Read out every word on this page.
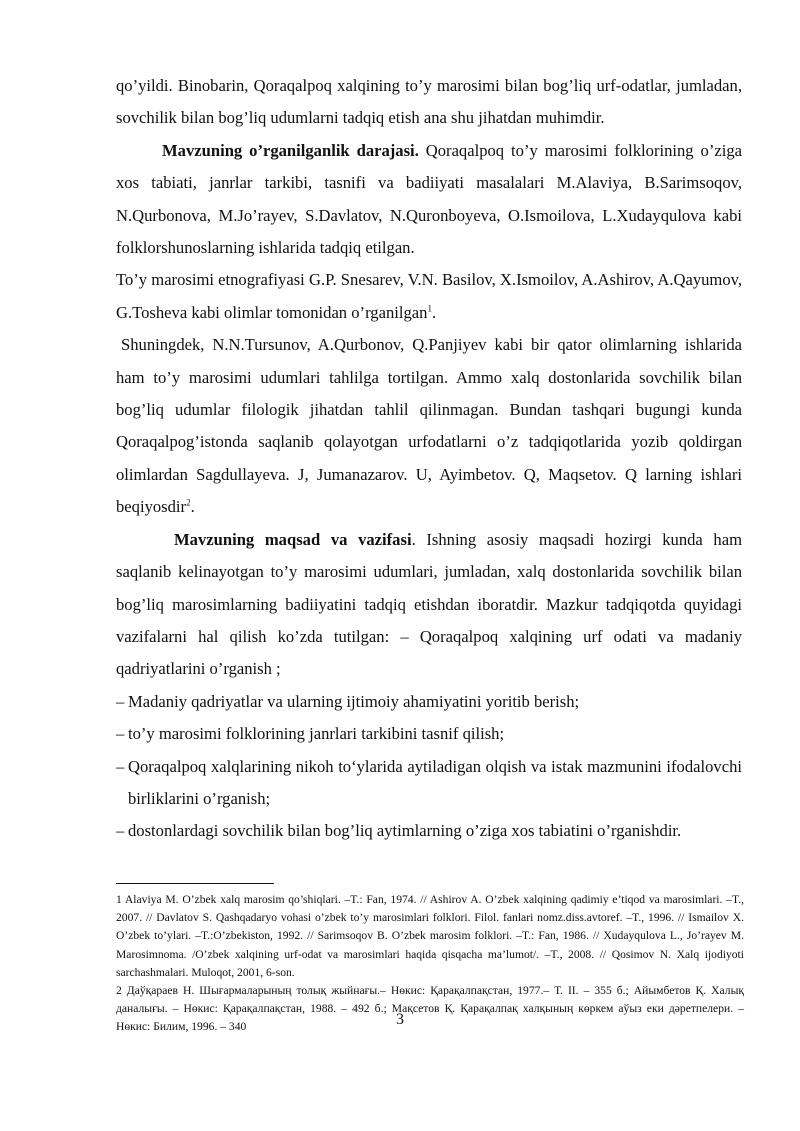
qo’yildi. Binobarin, Qoraqalpoq xalqining to’y marosimi bilan bog’liq urf-odatlar, jumladan, sovchilik bilan bog’liq udumlarni tadqiq etish ana shu jihatdan muhimdir.

Mavzuning o’rganilganlik darajasi. Qoraqalpoq to’y marosimi folklorining o’ziga xos tabiati, janrlar tarkibi, tasnifi va badiiyati masalalari M.Alaviya, B.Sarimsoqov, N.Qurbonova, M.Jo’rayev, S.Davlatov, N.Quronboyeva, O.Ismoilova, L.Xudayqulova kabi folklorshunoslarning ishlarida tadqiq etilgan.

To’y marosimi etnografiyasi G.P. Snesarev, V.N. Basilov, X.Ismoilov, A.Ashirov, A.Qayumov, G.Tosheva kabi olimlar tomonidan o’rganilgan$^1$.

Shuningdek, N.N.Tursunov, A.Qurbonov, Q.Panjiyev kabi bir qator olimlarning ishlarida ham to’y marosimi udumlari tahlilga tortilgan. Ammo xalq dostonlarida sovchilik bilan bog’liq udumlar filologik jihatdan tahlil qilinmagan. Bundan tashqari bugungi kunda Qoraqalpog’istonda saqlanib qolayotgan urfodatlarni o’z tadqiqotlarida yozib qoldirgan olimlardan Sagdullayeva. J, Jumanazarov. U, Ayimbetov. Q, Maqsetov. Q larning ishlari beqiyosdir$^2$.

Mavzuning maqsad va vazifasi. Ishning asosiy maqsadi hozirgi kunda ham saqlanib kelinayotgan to’y marosimi udumlari, jumladan, xalq dostonlarida sovchilik bilan bog’liq marosimlarning badiiyatini tadqiq etishdan iboratdir. Mazkur tadqiqotda quyidagi vazifalarni hal qilish ko’zda tutilgan: – Qoraqalpoq xalqining urf odati va madaniy qadriyatlarini o’rganish ;

– Madaniy qadriyatlar va ularning ijtimoiy ahamiyatini yoritib berish;
– to’y marosimi folklorining janrlari tarkibini tasnif qilish;
– Qoraqalpoq xalqlarining nikoh to‘ylarida aytiladigan olqish va istak mazmunini ifodalovchi birliklarini o’rganish;
– dostonlardagi sovchilik bilan bog’liq aytimlarning o’ziga xos tabiatini o’rganishdir.

1 Alaviya M. O’zbek xalq marosim qo’shiqlari. –T.: Fan, 1974. // Ashirov A. O’zbek xalqining qadimiy e’tiqod va marosimlari. –T., 2007. // Davlatov S. Qashqadaryo vohasi o’zbek to’y marosimlari folklori. Filol. fanlari nomz.diss.avtoref. –T., 1996. // Ismailov X. O’zbek to’ylari. –T.:O’zbekiston, 1992. // Sarimsoqov B. O’zbek marosim folklori. –T.: Fan, 1986. // Xudayqulova L., Jo’rayev M. Marosimnoma. /O’zbek xalqining urf-odat va marosimlari haqida qisqacha ma’lumot/. –T., 2008. // Qosimov N. Xalq ijodiyoti sarchashmalari. Muloqot, 2001, 6-son.

2 Даўқараев Н. Шығармаларының толық жыйнағы.– Нөкис: Қарақалпақстан, 1977.– Т. II. – 355 б.; Айымбетов Қ. Халық даналығы. – Нөкис: Қарақалпақстан, 1988. – 492 б.; Мақсетов Қ. Қарақалпақ халқының көркем аўыз еки дәретпелери. – Нөкис: Билим, 1996. – 340	3
